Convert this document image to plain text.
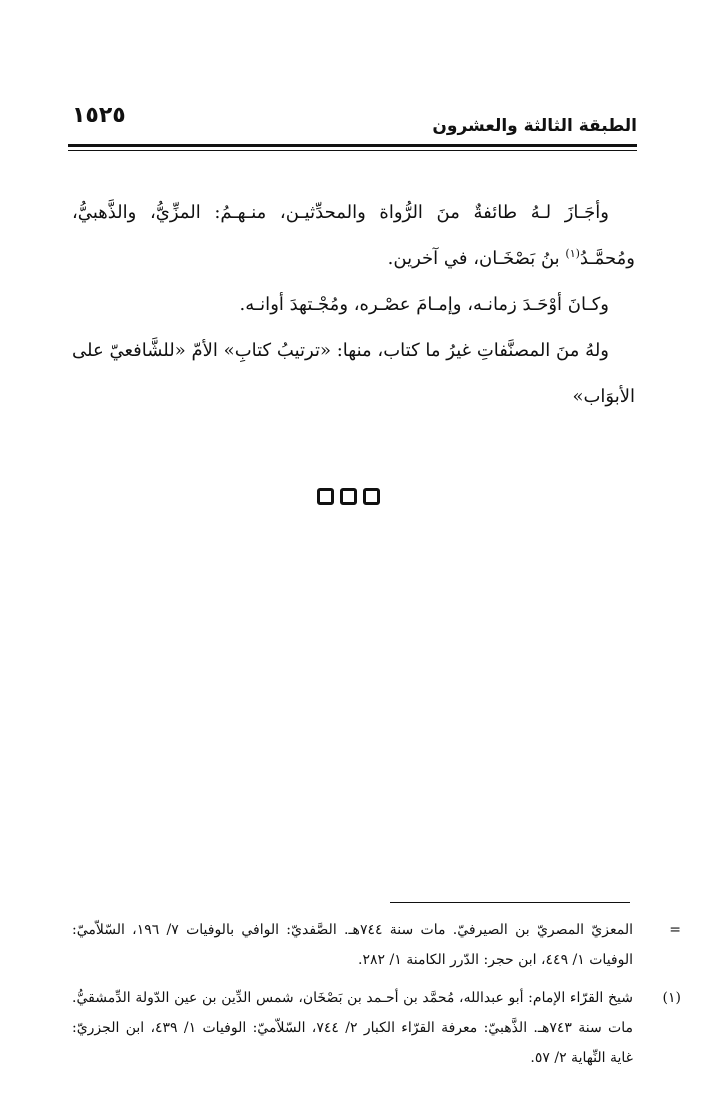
الطبقة الثالثة والعشرون
١٥٢٥

وأجَـازَ لـهُ طائفةٌ منَ الرُّواة والمحدِّثيـن، منـهـمُ: المزِّيُّ، والذَّهبيُّ، ومُحمَّـدُ$^{(١)}$ بنُ بَصْخَـان، في آخرين.

وكـانَ أوْحَـدَ زمانـه، وإمـامَ عصْـره، ومُجْـتهدَ أوانـه.

ولهُ منَ المصنَّفاتِ غيرُ ما كتاب، منها: «ترتيبُ كتابِ» الأمّ «للشَّافعيّ على الأبوَاب»

=
المعزيّ المصريّ بن الصيرفيّ. مات سنة ٧٤٤هـ. الصَّفديّ: الوافي بالوفيات ٧/ ١٩٦، السّلاّميّ: الوفيات ١/ ٤٤٩، ابن حجر: الدّرر الكامنة ١/ ٢٨٢.
(١)
شيخ القرّاء الإمام: أبو عبدالله، مُحمَّد بن أحـمد بن بَصْخَان، شمس الدِّين بن عين الدّولة الدِّمشقيُّ. مات سنة ٧٤٣هـ. الذَّهبيّ: معرفة القرّاء الكبار ٢/ ٧٤٤، السّلاّميّ: الوفيات ١/ ٤٣٩، ابن الجزريّ: غاية النِّهاية ٢/ ٥٧.
